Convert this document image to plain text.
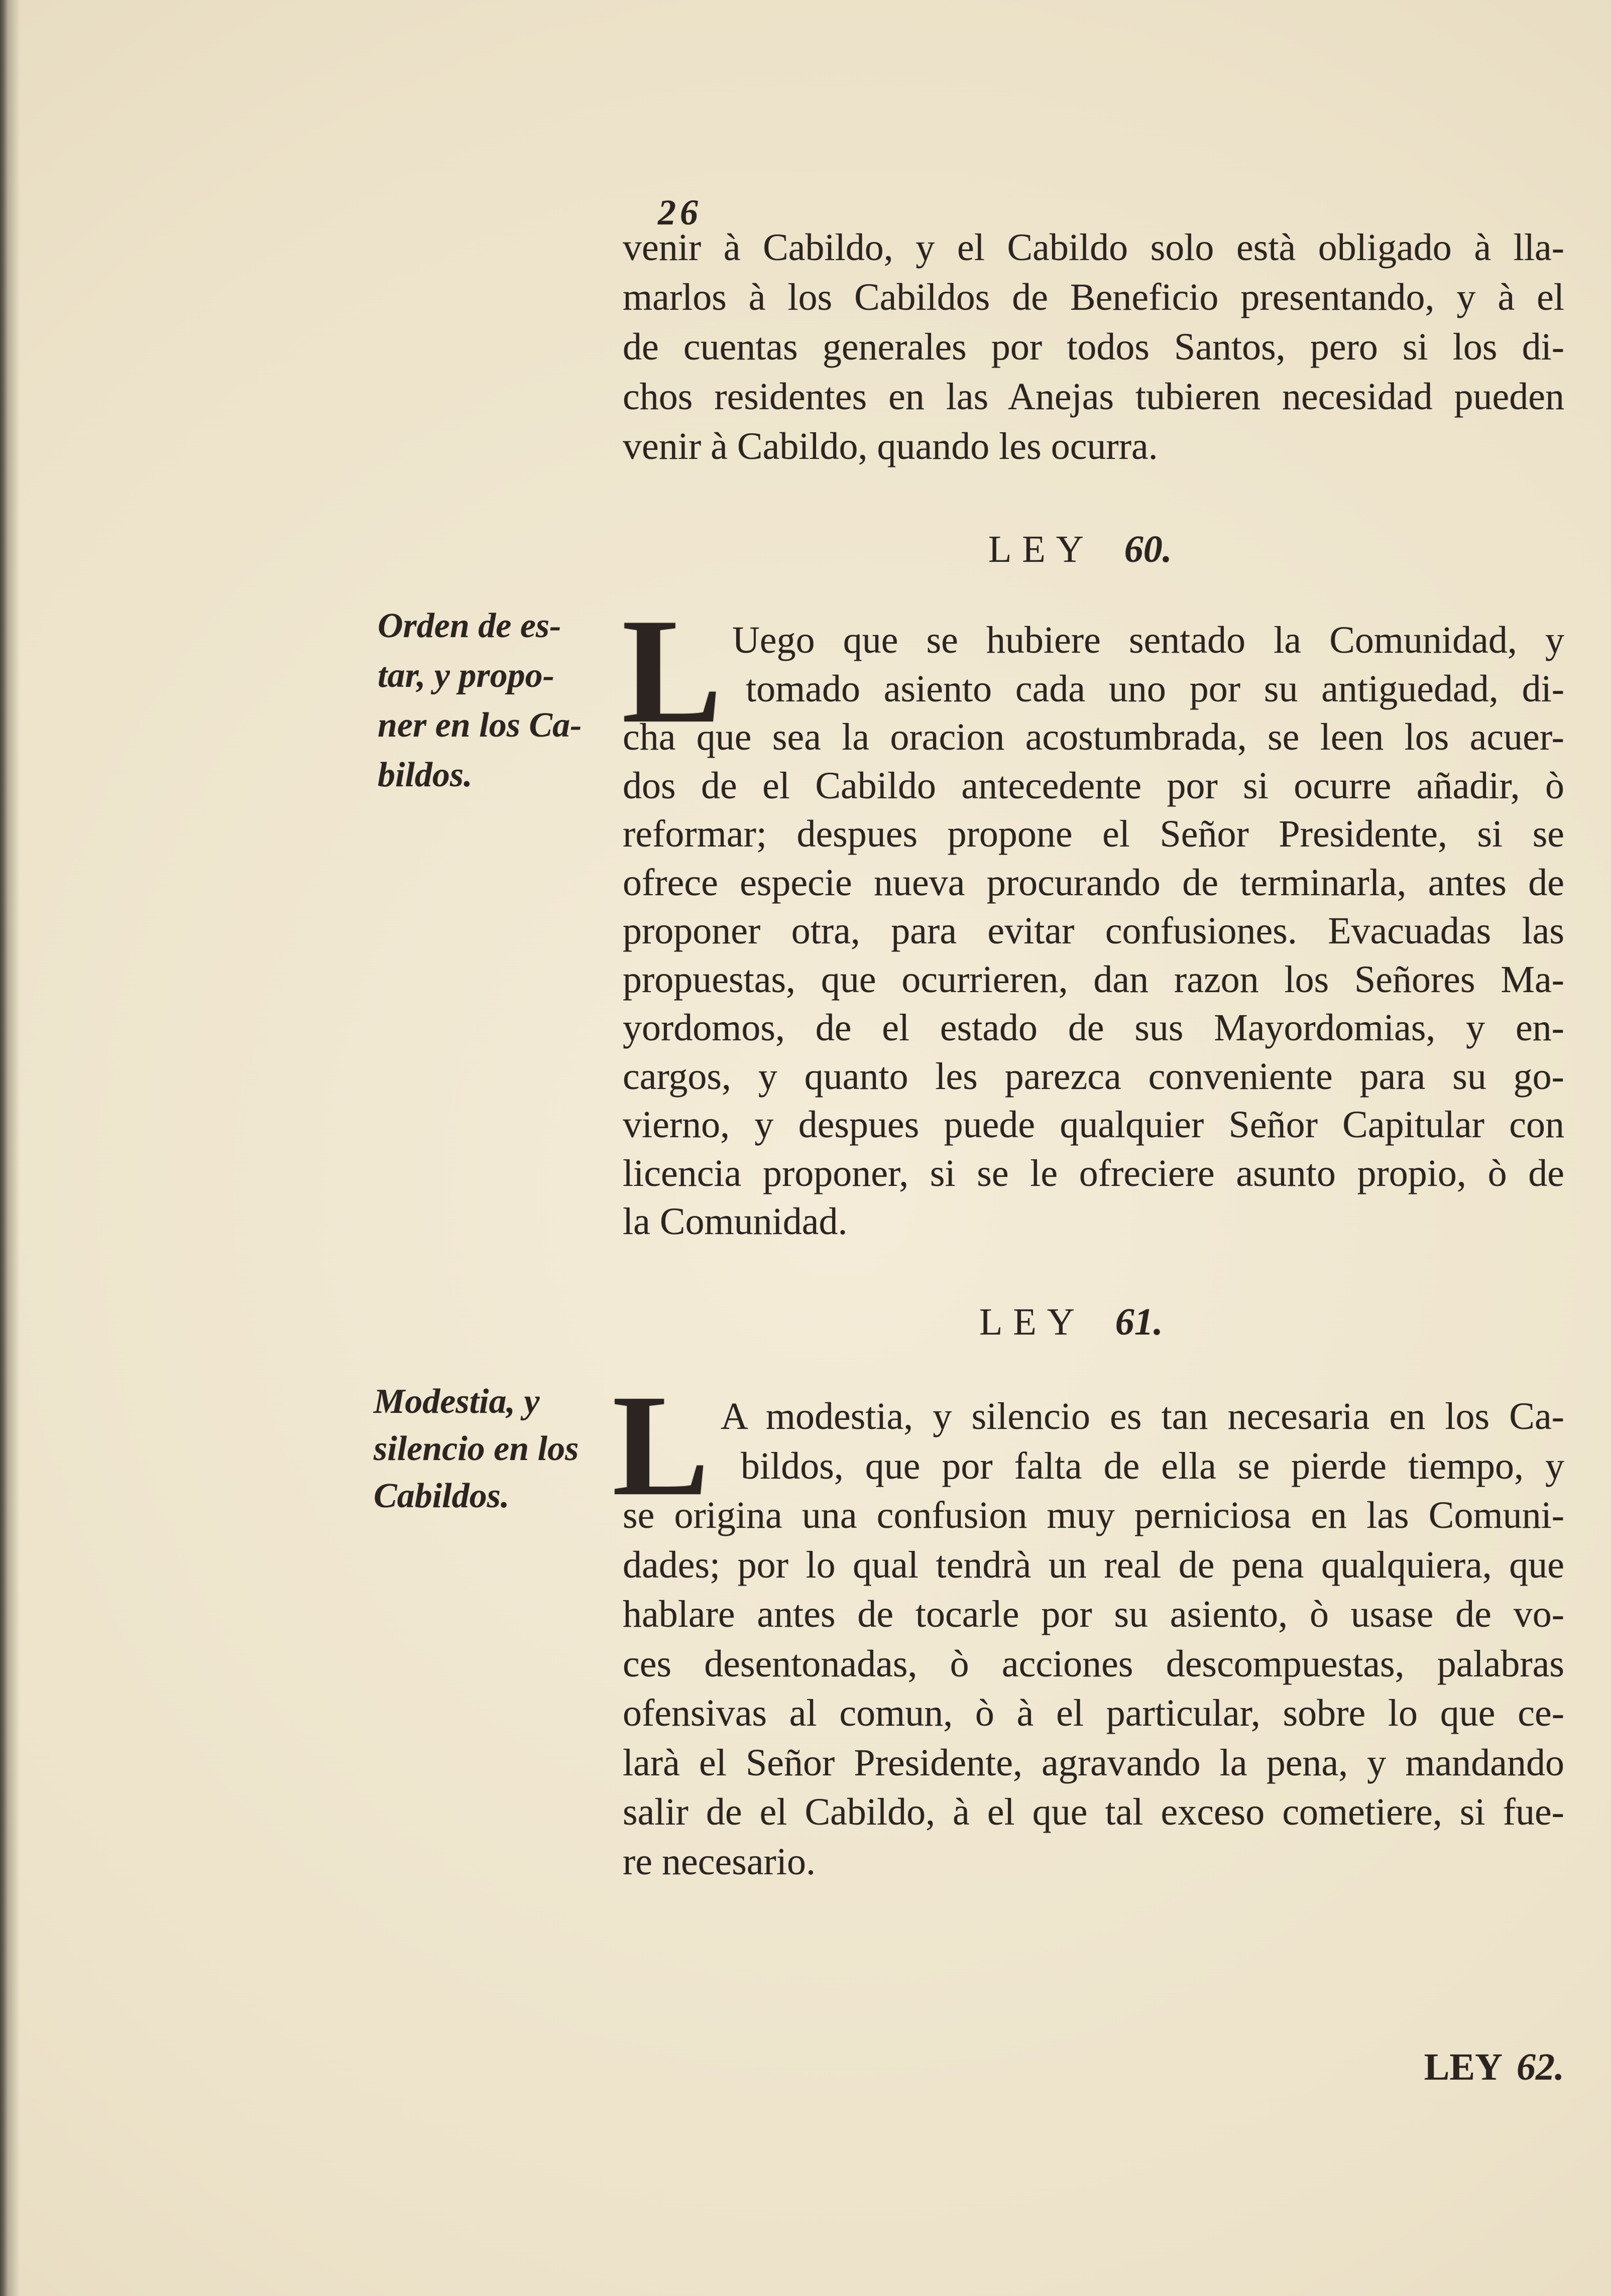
26
venir à Cabildo, y el Cabildo solo està obligado à lla-
marlos à los Cabildos de Beneficio presentando, y à el
de cuentas generales por todos Santos, pero si los di-
chos residentes en las Anejas tubieren necesidad pueden
venir à Cabildo, quando les ocurra.
LEY 60.
Orden de es-
tar, y propo-
ner en los Ca-
bildos.
L Uego que se hubiere sentado la Comunidad, y
tomado asiento cada uno por su antiguedad, di-
cha que sea la oracion acostumbrada, se leen los acuer-
dos de el Cabildo antecedente por si ocurre añadir, ò
reformar; despues propone el Señor Presidente, si se
ofrece especie nueva procurando de terminarla, antes de
proponer otra, para evitar confusiones. Evacuadas las
propuestas, que ocurrieren, dan razon los Señores Ma-
yordomos, de el estado de sus Mayordomias, y en-
cargos, y quanto les parezca conveniente para su go-
vierno, y despues puede qualquier Señor Capitular con
licencia proponer, si se le ofreciere asunto propio, ò de
la Comunidad.
LEY 61.
Modestia, y
silencio en los
Cabildos. L A modestia, y silencio es tan necesaria en los Ca-
bildos, que por falta de ella se pierde tiempo, y
se origina una confusion muy perniciosa en las Comuni-
dades; por lo qual tendrà un real de pena qualquiera, que
hablare antes de tocarle por su asiento, ò usase de vo-
ces desentonadas, ò acciones descompuestas, palabras
ofensivas al comun, ò à el particular, sobre lo que ce-
larà el Señor Presidente, agravando la pena, y mandando
salir de el Cabildo, à el que tal exceso cometiere, si fue-
re necesario.
LEY 62.
